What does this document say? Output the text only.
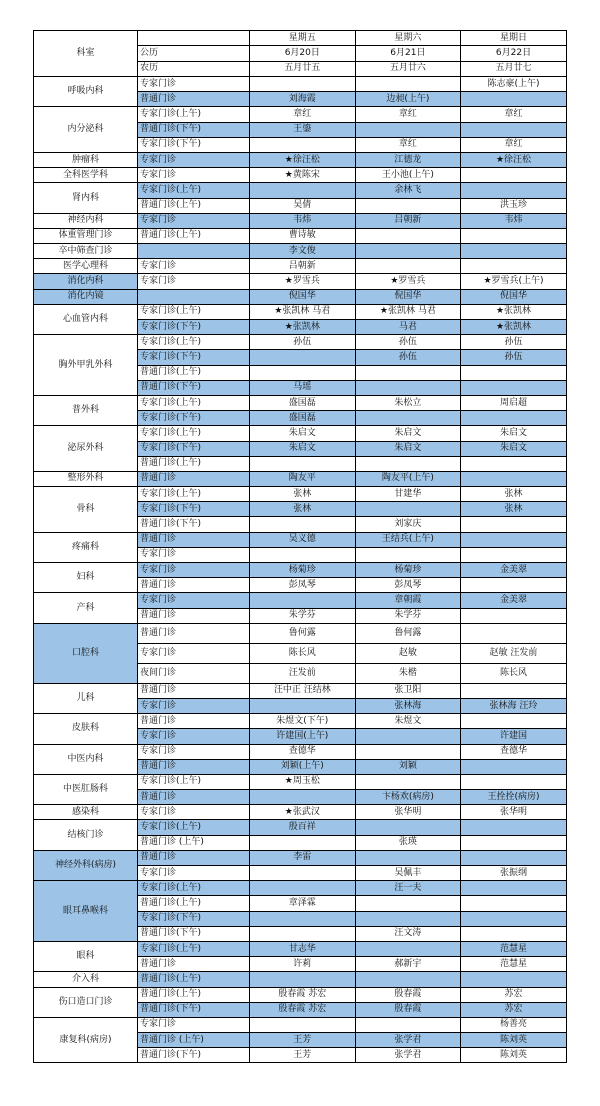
科室		星期五	星期六	星期日
	公历	6月20日	6月21日	6月22日
	农历	五月廿五	五月廿六	五月廿七
呼吸内科	专家门诊			陈志豪(上午)
	普通门诊	刘海霞	边昶(上午)	
内分泌科	专家门诊(上午)	章红	章红	章红
	普通门诊(下午)	王鎏		
	专家门诊(下午)		章红	章红
肿瘤科	专家门诊	★徐汪松	江德龙	★徐汪松
全科医学科	专家门诊	★黄陈宋	王小池(上午)	
肾内科	专家门诊(上午)		余林飞	
	普通门诊(上午)	吴倩		洪玉珍
神经内科	专家门诊	韦炜	吕朝新	韦炜
体重管理门诊	普通门诊(上午)	曹诗敏		
卒中筛查门诊		李文俊		
医学心理科	专家门诊	吕朝新		
消化内科	专家门诊	★罗雪兵	★罗雪兵	★罗雪兵(上午)
消化内镜		倪国华	倪国华	倪国华
心血管内科	专家门诊(上午)	★张凯林 马君	★张凯林 马君	★张凯林
	专家门诊(下午)	★张凯林	马君	★张凯林
胸外甲乳外科	专家门诊(上午)	孙伍	孙伍	孙伍
	专家门诊(下午)		孙伍	孙伍
	普通门诊(上午)			
	普通门诊(下午)	马瑶		
普外科	专家门诊(上午)	盛国磊	朱松立	周启超
	专家门诊(下午)	盛国磊		
泌尿外科	专家门诊(上午)	朱启文	朱启文	朱启文
	专家门诊(下午)	朱启文	朱启文	朱启文
	普通门诊(上午)			
整形外科	普通门诊	陶友平	陶友平(上午)	
骨科	专家门诊(上午)	张林	甘建华	张林
	专家门诊(下午)	张林		张林
	普通门诊(下午)		刘家庆	
疼痛科	普通门诊	吴义德	王结兵(上午)	
	专家门诊			
妇科	专家门诊	杨菊珍	杨菊珍	金美翠
	普通门诊	彭凤琴	彭凤琴	
产科	专家门诊		章朝霞	金美翠
	普通门诊	朱学芬	朱学芬	
口腔科	普通门诊	鲁何露	鲁何露	
	专家门诊	陈长风	赵敏	赵敏 汪发前
	夜间门诊	汪发前	朱楷	陈长风
儿科	普通门诊	汪中正 汪结林	张卫阳	
	专家门诊		张林海	张林海 汪玲
皮肤科	普通门诊	朱煜文(下午)	朱煜文	
	专家门诊	许建国(上午)		许建国
中医内科	专家门诊	查德华		查德华
	普通门诊	刘颖(上午)	刘颖	
中医肛肠科	专家门诊(上午)	★周玉松		
	普通门诊		卞杨欢(病房)	王拴拴(病房)
感染科	专家门诊	★张武汉	张华明	张华明
结核门诊	专家门诊(上午)	殷百祥		
	普通门诊 (上午)		张瑛	
神经外科(病房)	普通门诊	李雷		
	专家门诊		吴佩丰	张振纲
眼耳鼻喉科	专家门诊(上午)		汪一夫	
	普通门诊(上午)	章泽霖		
	专家门诊(下午)			
	普通门诊(下午)		汪文涛	
眼科	专家门诊(上午)	甘志华		范慧星
	普通门诊	许莉	郝新宇	范慧星
介入科	普通门诊(上午)			
伤口造口门诊	普通门诊(上午)	殷春霞 苏宏	殷春霞	苏宏
	普通门诊(下午)	殷春霞 苏宏	殷春霞	苏宏
康复科(病房)	专家门诊			杨善亮
	普通门诊 (上午)	王芳	张学君	陈刘英
	普通门诊(下午)	王芳	张学君	陈刘英
